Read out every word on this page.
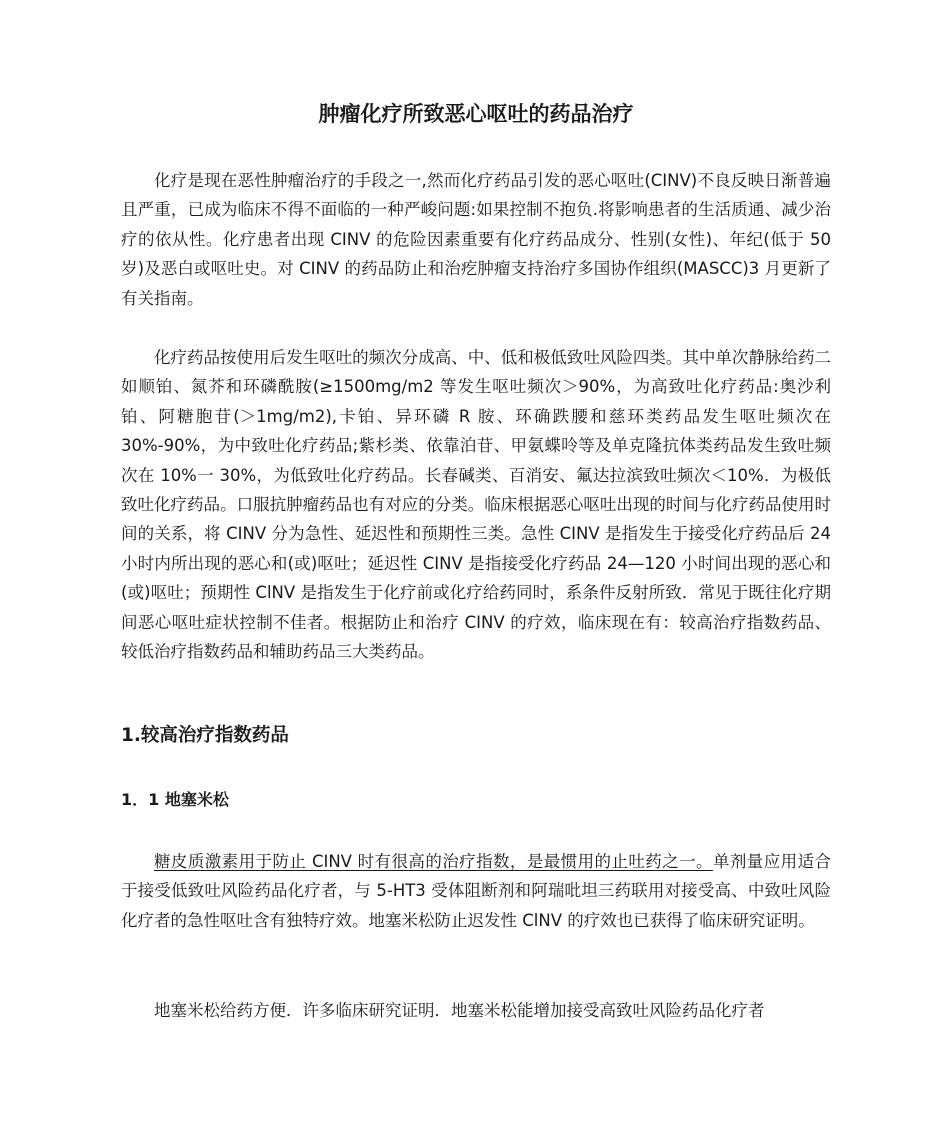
肿瘤化疗所致恶心呕吐的药品治疗

化疗是现在恶性肿瘤治疗的手段之一,然而化疗药品引发的恶心呕吐(CINV)不良反映日渐普遍且严重，已成为临床不得不面临的一种严峻问题:如果控制不抱负.将影响患者的生活质通、减少治疗的依从性。化疗患者出现 CINV 的危险因素重要有化疗药品成分、性别(女性)、年纪(低于 50 岁)及恶白或呕吐史。对 CINV 的药品防止和治疙肿瘤支持治疗多国协作组织(MASCC)3 月更新了有关指南。

化疗药品按使用后发生呕吐的频次分成高、中、低和极低致吐风险四类。其中单次静脉给药二如顺铂、氮芥和环磷酰胺(≥1500mg/m2 等发生呕吐频次＞90%，为高致吐化疗药品:奥沙利铂、阿糖胞苷(＞1mg/m2),卡铂、异环磷 R 胺、环确跌腰和慈环类药品发生呕吐频次在 30%-90%，为中致吐化疗药品;紫杉类、依靠泊苷、甲氨蝶呤等及单克隆抗体类药品发生致吐频次在 10%一 30%，为低致吐化疗药品。长春碱类、百消安、氟达拉滨致吐频次＜10%．为极低致吐化疗药品。口服抗肿瘤药品也有对应的分类。临床根据恶心呕吐出现的时间与化疗药品使用时间的关系，将 CINV 分为急性、延迟性和预期性三类。急性 CINV 是指发生于接受化疗药品后 24 小时内所出现的恶心和(或)呕吐；延迟性 CINV 是指接受化疗药品 24—120 小时间出现的恶心和(或)呕吐；预期性 ClNV 是指发生于化疗前或化疗给药同时，系条件反射所致．常见于既往化疗期间恶心呕吐症状控制不佳者。根据防止和治疗 CINV 的疗效，临床现在有：较高治疗指数药品、较低治疗指数药品和辅助药品三大类药品。

1.较高治疗指数药品
1．1 地塞米松

糖皮质激素用于防止 CINV 时有很高的治疗指数，是最惯用的止吐药之一。单剂量应用适合于接受低致吐风险药品化疗者，与 5-HT3 受体阻断剂和阿瑞吡坦三药联用对接受高、中致吐风险化疗者的急性呕吐含有独特疗效。地塞米松防止迟发性 ClNV 的疗效也已获得了临床研究证明。

地塞米松给药方便．许多临床研究证明．地塞米松能增加接受高致吐风险药品化疗者
